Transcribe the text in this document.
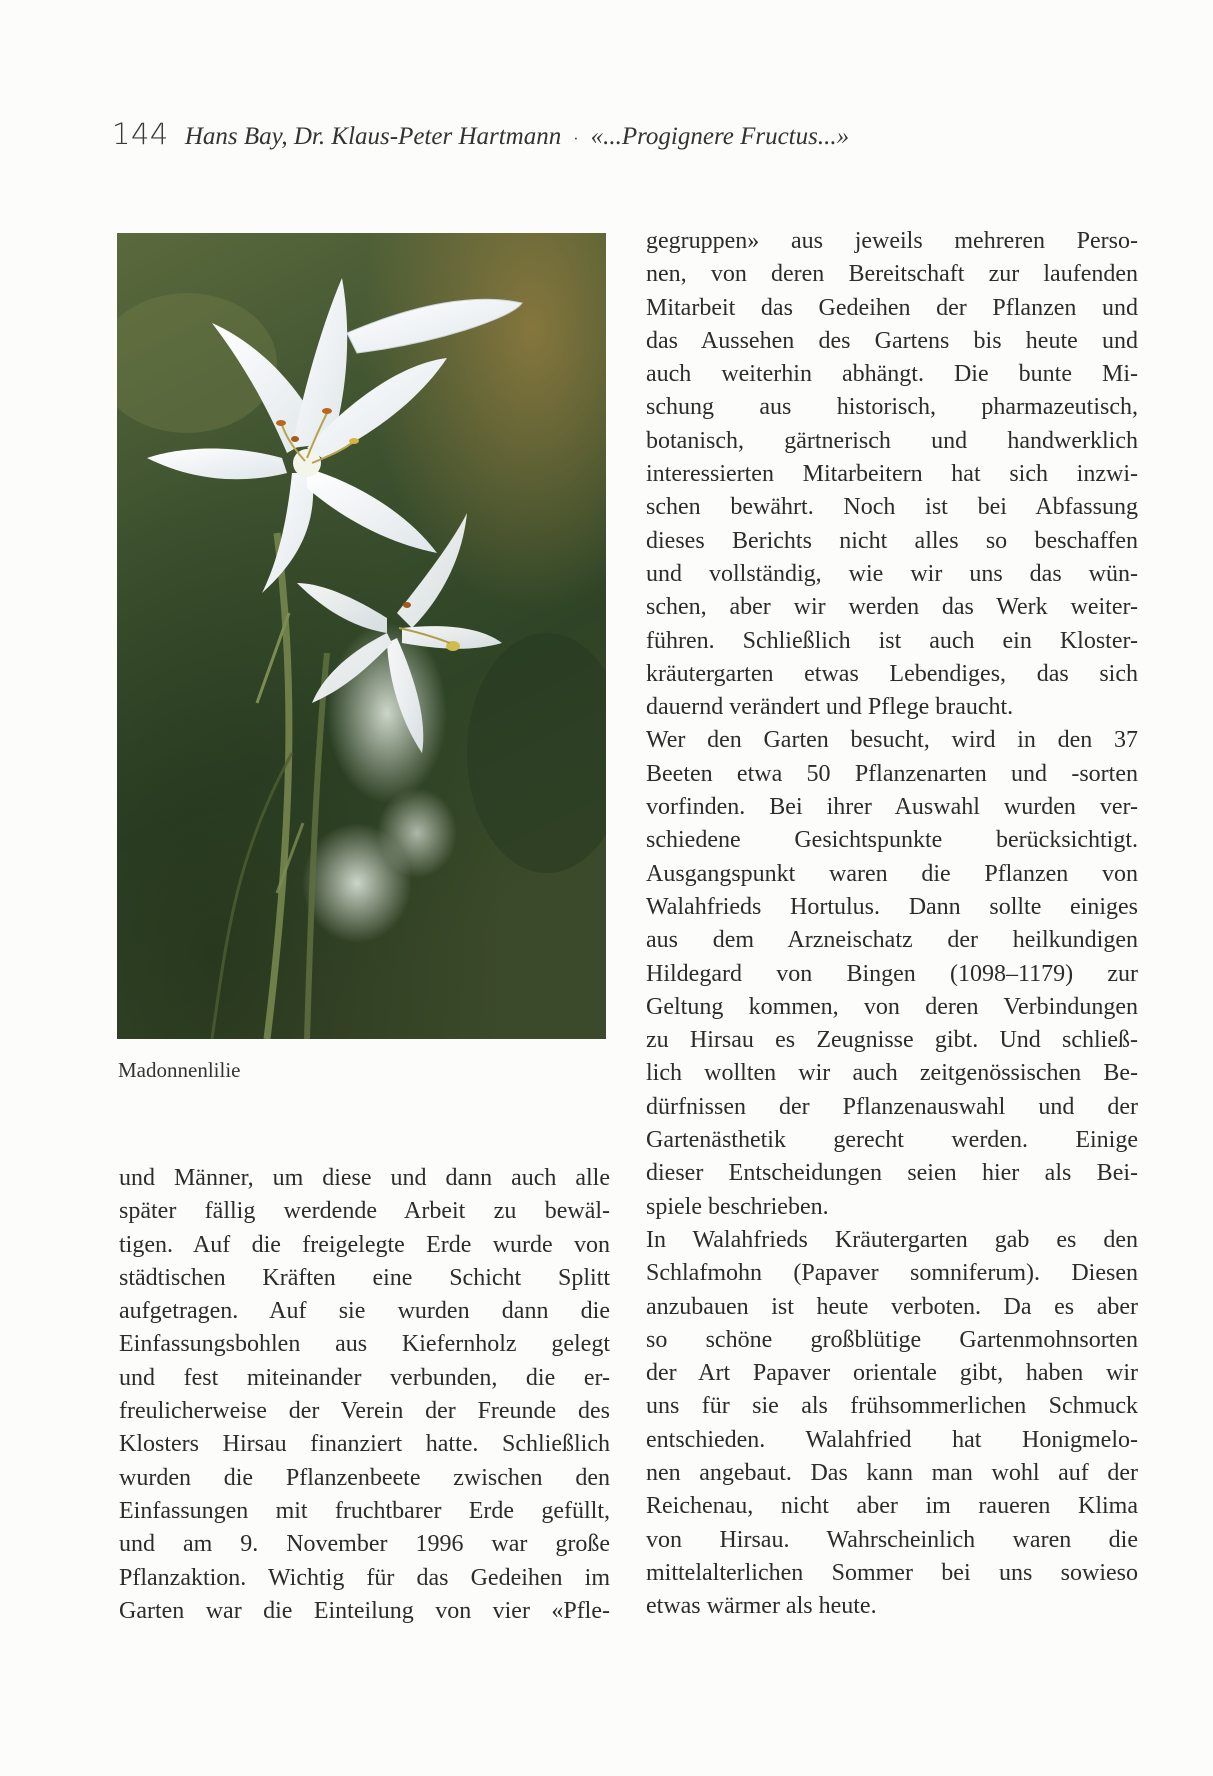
144 Hans Bay, Dr. Klaus-Peter Hartmann · «...Progignere Fructus...»
Madonnenlilie
und Männer, um diese und dann auch alle
später fällig werdende Arbeit zu bewäl-
tigen. Auf die freigelegte Erde wurde von
städtischen Kräften eine Schicht Splitt
aufgetragen. Auf sie wurden dann die
Einfassungsbohlen aus Kiefernholz gelegt
und fest miteinander verbunden, die er-
freulicherweise der Verein der Freunde des
Klosters Hirsau finanziert hatte. Schließlich
wurden die Pflanzenbeete zwischen den
Einfassungen mit fruchtbarer Erde gefüllt,
und am 9. November 1996 war große
Pflanzaktion. Wichtig für das Gedeihen im
Garten war die Einteilung von vier «Pfle-
gegruppen» aus jeweils mehreren Perso-
nen, von deren Bereitschaft zur laufenden
Mitarbeit das Gedeihen der Pflanzen und
das Aussehen des Gartens bis heute und
auch weiterhin abhängt. Die bunte Mi-
schung aus historisch, pharmazeutisch,
botanisch, gärtnerisch und handwerklich
interessierten Mitarbeitern hat sich inzwi-
schen bewährt. Noch ist bei Abfassung
dieses Berichts nicht alles so beschaffen
und vollständig, wie wir uns das wün-
schen, aber wir werden das Werk weiter-
führen. Schließlich ist auch ein Kloster-
kräutergarten etwas Lebendiges, das sich
dauernd verändert und Pflege braucht.
Wer den Garten besucht, wird in den 37
Beeten etwa 50 Pflanzenarten und -sorten
vorfinden. Bei ihrer Auswahl wurden ver-
schiedene Gesichtspunkte berücksichtigt.
Ausgangspunkt waren die Pflanzen von
Walahfrieds Hortulus. Dann sollte einiges
aus dem Arzneischatz der heilkundigen
Hildegard von Bingen (1098–1179) zur
Geltung kommen, von deren Verbindungen
zu Hirsau es Zeugnisse gibt. Und schließ-
lich wollten wir auch zeitgenössischen Be-
dürfnissen der Pflanzenauswahl und der
Gartenästhetik gerecht werden. Einige
dieser Entscheidungen seien hier als Bei-
spiele beschrieben.
In Walahfrieds Kräutergarten gab es den
Schlafmohn (Papaver somniferum). Diesen
anzubauen ist heute verboten. Da es aber
so schöne großblütige Gartenmohnsorten
der Art Papaver orientale gibt, haben wir
uns für sie als frühsommerlichen Schmuck
entschieden. Walahfried hat Honigmelo-
nen angebaut. Das kann man wohl auf der
Reichenau, nicht aber im raueren Klima
von Hirsau. Wahrscheinlich waren die
mittelalterlichen Sommer bei uns sowieso
etwas wärmer als heute.
